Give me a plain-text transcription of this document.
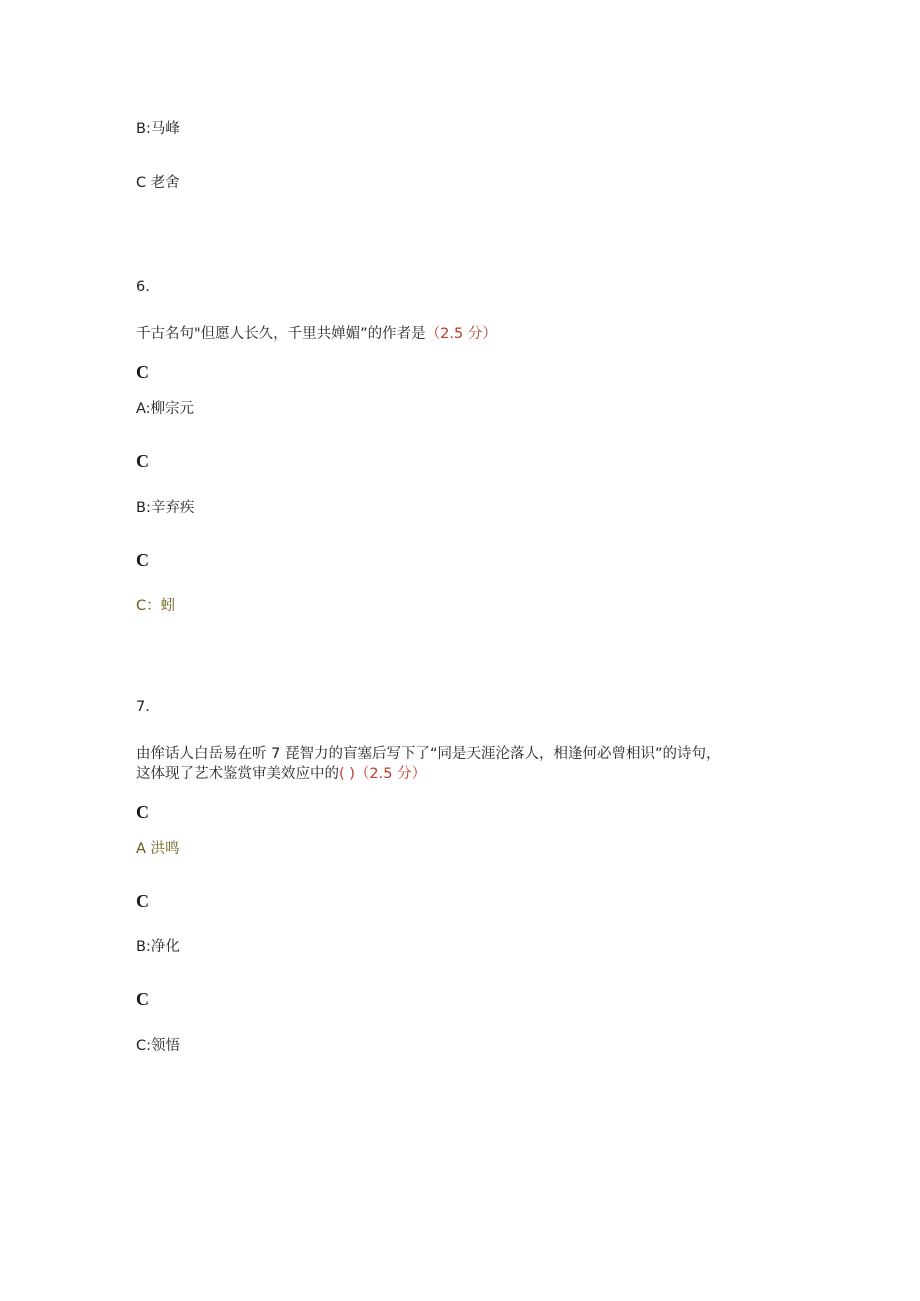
B:马峰
C 老舍
6.
千古名句"但愿人长久，千里共婵媚”的作者是（2.5 分）
C
A:柳宗元
C
B:辛弃疾
C
C：蚓
7.
由侔话人白岳易在听 7 琵智力的盲塞后写下了“同是天涯沦落人，相逢何必曾相识”的诗句，
这体现了艺术鉴赏审美效应中的( )（2.5 分）
C
A 洪鸣
C
B:净化
C
C:领悟
